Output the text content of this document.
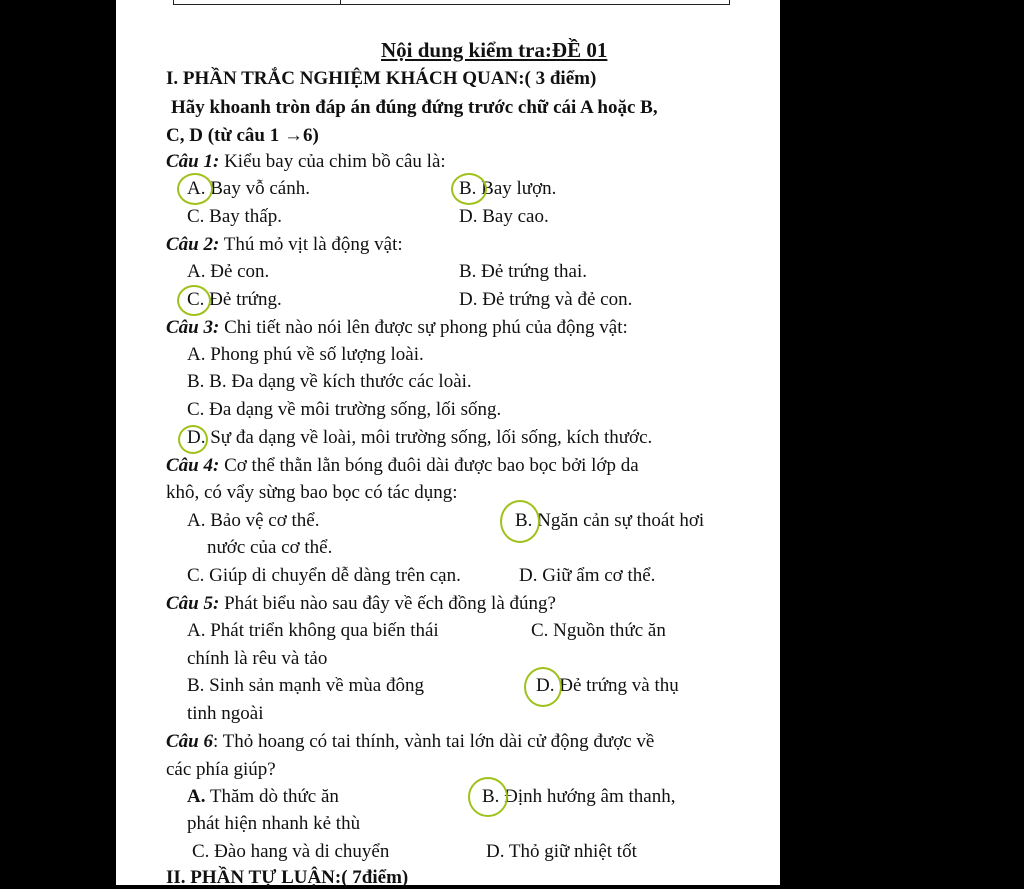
Nội dung kiểm tra:ĐỀ 01
I. PHẦN TRẮC NGHIỆM KHÁCH QUAN:( 3 điểm)
Hãy khoanh tròn đáp án đúng đứng trước chữ cái A hoặc B,
C, D (từ câu 1 →6)
Câu 1: Kiểu bay của chim bồ câu là:
A. Bay vỗ cánh.	B. Bay lượn.
C. Bay thấp.	D. Bay cao.
Câu 2: Thú mỏ vịt là động vật:
A. Đẻ con.	B. Đẻ trứng thai.
C. Đẻ trứng.	D. Đẻ trứng và đẻ con.
Câu 3: Chi tiết nào nói lên được sự phong phú của động vật:
A. Phong phú về số lượng loài.
B. B. Đa dạng về kích thước các loài.
C. Đa dạng về môi trường sống, lối sống.
D. Sự đa dạng về loài, môi trường sống, lối sống, kích thước.
Câu 4: Cơ thể thằn lằn bóng đuôi dài được bao bọc bởi lớp da
khô, có vẩy sừng bao bọc có tác dụng:
A. Bảo vệ cơ thể.	B. Ngăn cản sự thoát hơi
nước của cơ thể.
C. Giúp di chuyển dễ dàng trên cạn.	D. Giữ ẩm cơ thể.
Câu 5: Phát biểu nào sau đây về ếch đồng là đúng?
A. Phát triển không qua biến thái	C. Nguồn thức ăn
chính là rêu và tảo
B. Sinh sản mạnh về mùa đông	D. Đẻ trứng và thụ
tinh ngoài
Câu 6: Thỏ hoang có tai thính, vành tai lớn dài cử động được về
các phía giúp?
A. Thăm dò thức ăn	B. Định hướng âm thanh,
phát hiện nhanh kẻ thù
C. Đào hang và di chuyển	D. Thỏ giữ nhiệt tốt
II. PHẦN TỰ LUẬN:( 7điểm)
